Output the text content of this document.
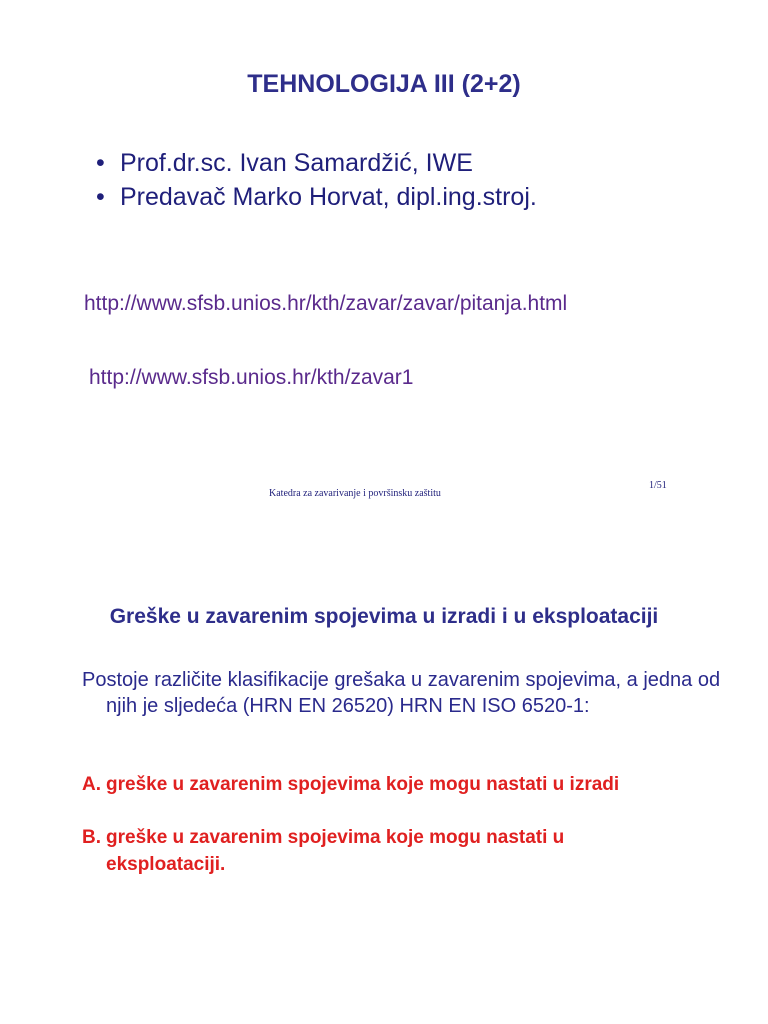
TEHNOLOGIJA III (2+2)
• Prof.dr.sc. Ivan Samardžić, IWE
• Predavač Marko Horvat, dipl.ing.stroj.
http://www.sfsb.unios.hr/kth/zavar/zavar/pitanja.html
http://www.sfsb.unios.hr/kth/zavar1
1/51
Katedra za zavarivanje i površinsku zaštitu
Greške u zavarenim spojevima u izradi i u eksploataciji
Postoje različite klasifikacije grešaka u zavarenim spojevima, a jedna od njih je sljedeća (HRN EN 26520) HRN EN ISO 6520-1:
A. greške u zavarenim spojevima koje mogu nastati u izradi
B. greške u zavarenim spojevima koje mogu nastati u
eksploataciji.
